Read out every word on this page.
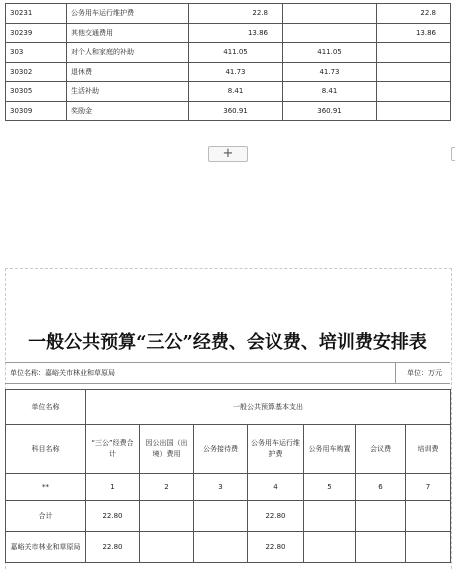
30231	公务用车运行维护费	22.8		22.8
30239	其他交通费用	13.86		13.86
303	对个人和家庭的补助	411.05	411.05	
30302	退休费	41.73	41.73	
30305	生活补助	8.41	8.41	
30309	奖励金	360.91	360.91	
+
一般公共预算“三公”经费、会议费、培训费安排表
单位名称：嘉峪关市林业和草原局	单位：万元
单位名称	一般公共预算基本支出						
科目名称	“三公”经费合计	因公出国（出境）费用	公务接待费	公务用车运行维护费	公务用车购置	会议费	培训费
**	1	2	3	4	5	6	7
合计	22.80			22.80			
嘉峪关市林业和草原局	22.80			22.80			
